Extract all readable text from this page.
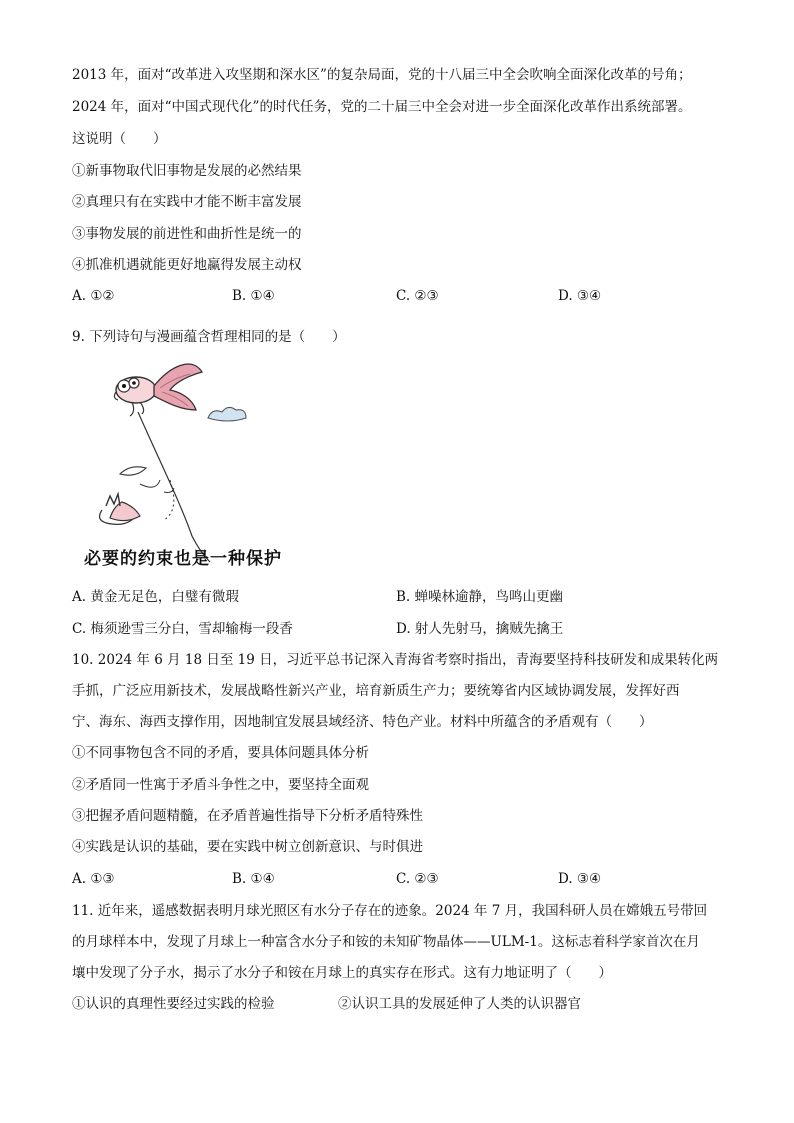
2013 年，面对“改革进入攻坚期和深水区”的复杂局面，党的十八届三中全会吹响全面深化改革的号角；
2024 年，面对“中国式现代化”的时代任务，党的二十届三中全会对进一步全面深化改革作出系统部署。
这说明（　　）
①新事物取代旧事物是发展的必然结果
②真理只有在实践中才能不断丰富发展
③事物发展的前进性和曲折性是统一的
④抓准机遇就能更好地赢得发展主动权
A. ①②	B. ①④	C. ②③	D. ③④
9. 下列诗句与漫画蕴含哲理相同的是（　　）
必要的约束也是一种保护
A. 黄金无足色，白璧有微瑕	B. 蝉噪林逾静，鸟鸣山更幽
C. 梅须逊雪三分白，雪却输梅一段香	D. 射人先射马，擒贼先擒王
10. 2024 年 6 月 18 日至 19 日，习近平总书记深入青海省考察时指出，青海要坚持科技研发和成果转化两
手抓，广泛应用新技术，发展战略性新兴产业，培育新质生产力；要统筹省内区域协调发展，发挥好西
宁、海东、海西支撑作用，因地制宜发展县域经济、特色产业。材料中所蕴含的矛盾观有（　　）
①不同事物包含不同的矛盾，要具体问题具体分析
②矛盾同一性寓于矛盾斗争性之中，要坚持全面观
③把握矛盾问题精髓，在矛盾普遍性指导下分析矛盾特殊性
④实践是认识的基础，要在实践中树立创新意识、与时俱进
A. ①③	B. ①④	C. ②③	D. ③④
11. 近年来，遥感数据表明月球光照区有水分子存在的迹象。2024 年 7 月，我国科研人员在嫦娥五号带回
的月球样本中，发现了月球上一种富含水分子和铵的未知矿物晶体——ULM-1。这标志着科学家首次在月
壤中发现了分子水，揭示了水分子和铵在月球上的真实存在形式。这有力地证明了（　　）
①认识的真理性要经过实践的检验	②认识工具的发展延伸了人类的认识器官
